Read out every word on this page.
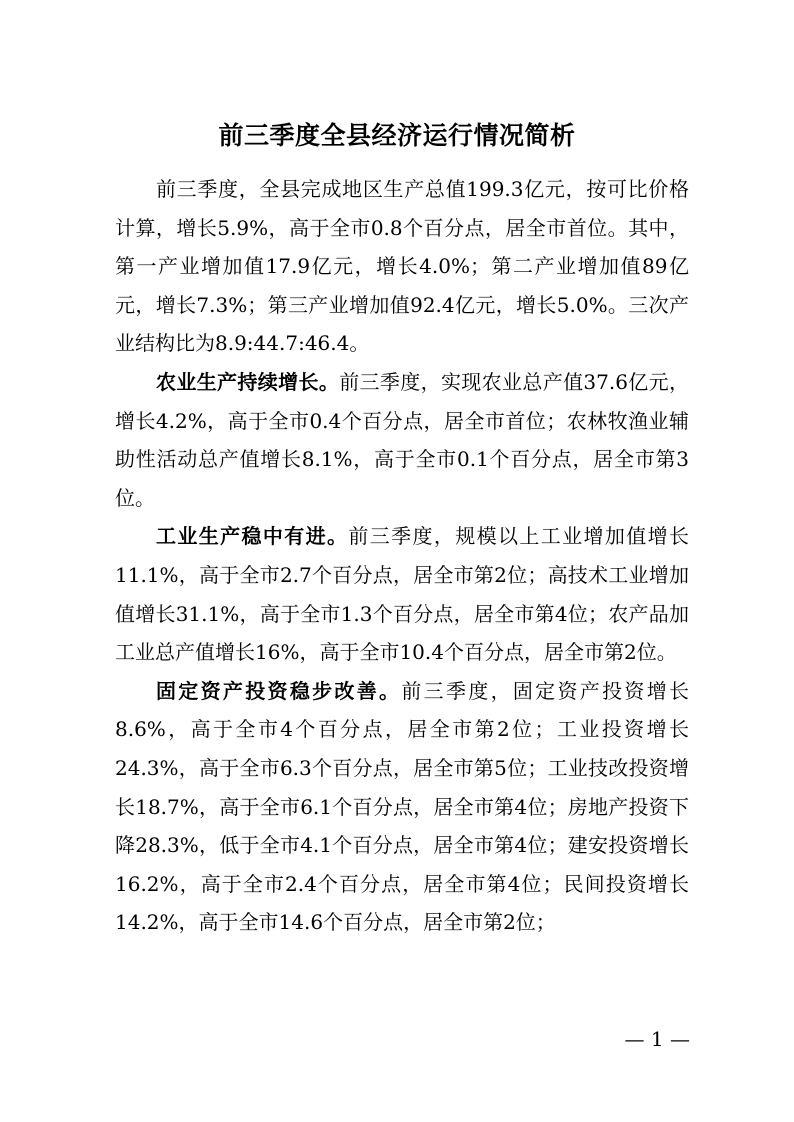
前三季度全县经济运行情况简析

前三季度，全县完成地区生产总值199.3亿元，按可比价格计算，增长5.9%，高于全市0.8个百分点，居全市首位。其中，第一产业增加值17.9亿元，增长4.0%；第二产业增加值89亿元，增长7.3%；第三产业增加值92.4亿元，增长5.0%。三次产业结构比为8.9:44.7:46.4。

农业生产持续增长。前三季度，实现农业总产值37.6亿元，增长4.2%，高于全市0.4个百分点，居全市首位；农林牧渔业辅助性活动总产值增长8.1%，高于全市0.1个百分点，居全市第3位。

工业生产稳中有进。前三季度，规模以上工业增加值增长11.1%，高于全市2.7个百分点，居全市第2位；高技术工业增加值增长31.1%，高于全市1.3个百分点，居全市第4位；农产品加工业总产值增长16%，高于全市10.4个百分点，居全市第2位。

固定资产投资稳步改善。前三季度，固定资产投资增长8.6%，高于全市4个百分点，居全市第2位；工业投资增长24.3%，高于全市6.3个百分点，居全市第5位；工业技改投资增长18.7%，高于全市6.1个百分点，居全市第4位；房地产投资下降28.3%，低于全市4.1个百分点，居全市第4位；建安投资增长16.2%，高于全市2.4个百分点，居全市第4位；民间投资增长14.2%，高于全市14.6个百分点，居全市第2位；

— 1 —
